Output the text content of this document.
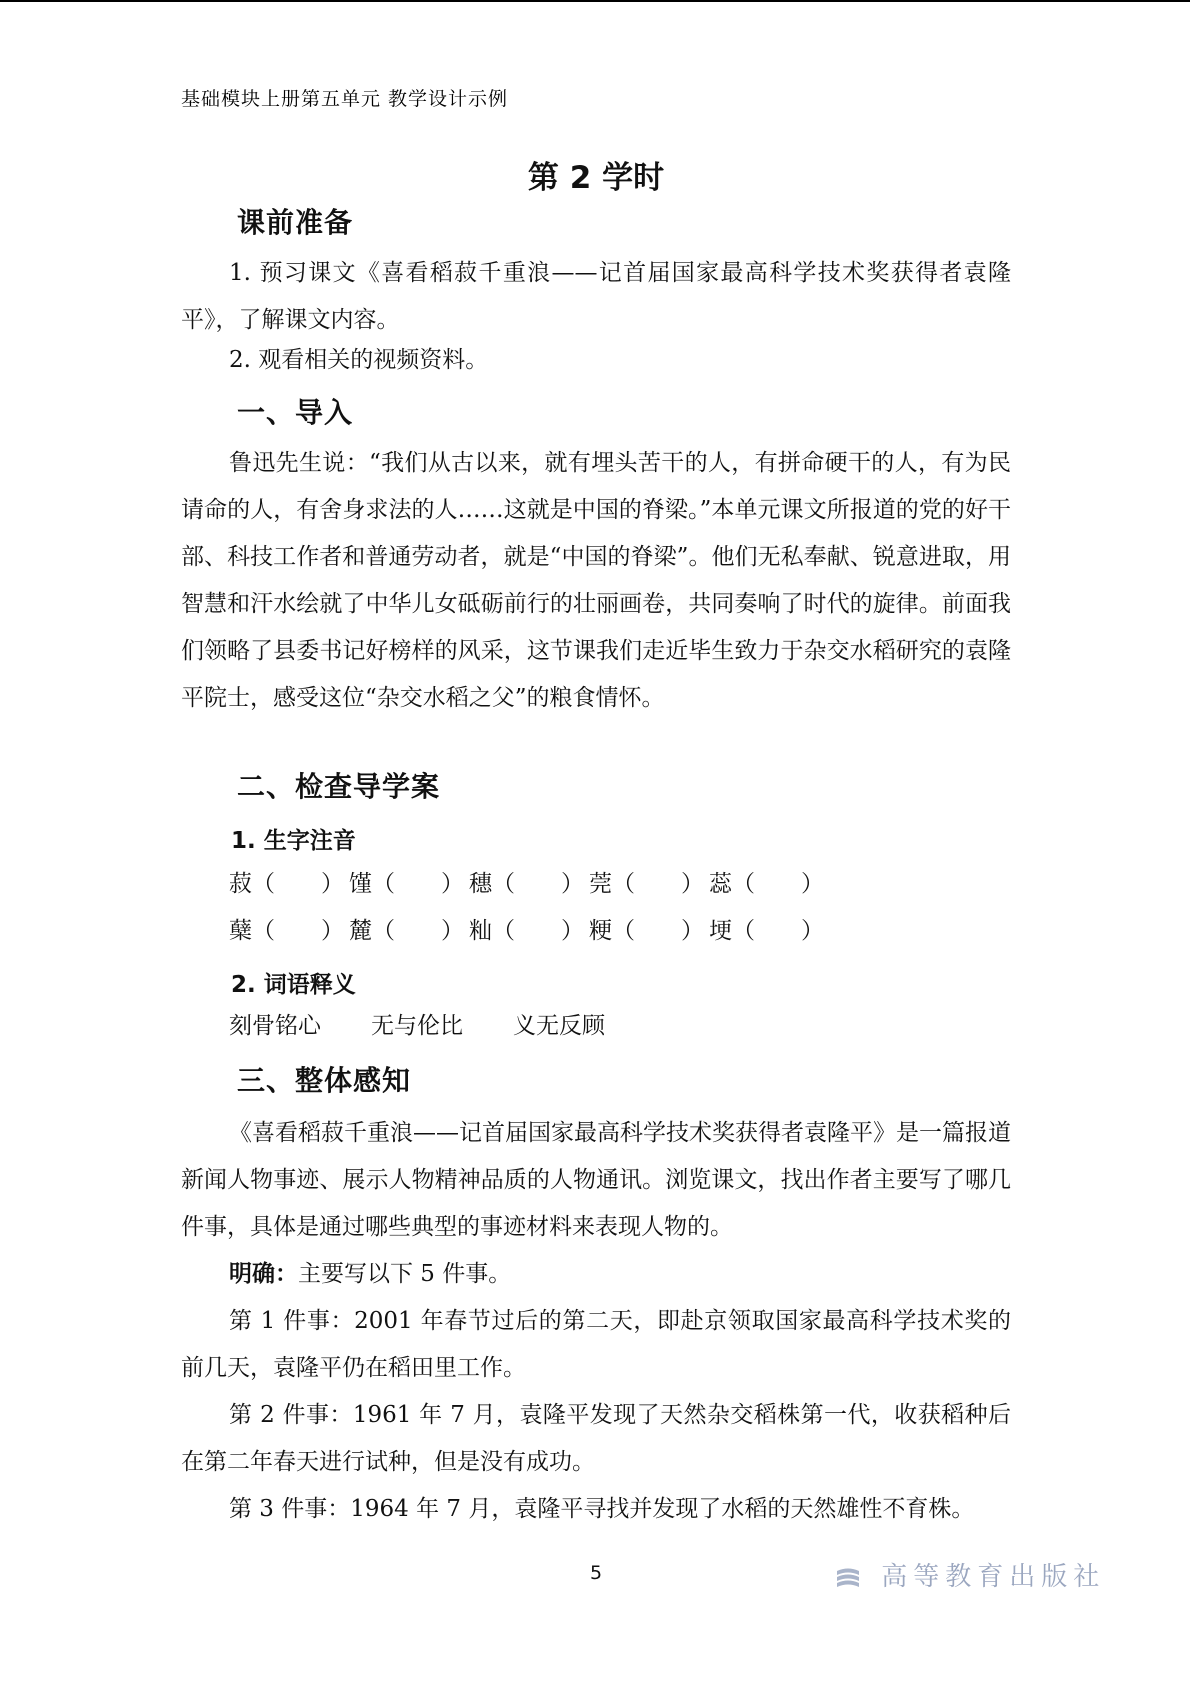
基础模块上册第五单元 教学设计示例
第 2 学时
课前准备

1. 预习课文《喜看稻菽千重浪——记首届国家最高科学技术奖获得者袁隆平》，了解课文内容。

2. 观看相关的视频资料。

一、导入

鲁迅先生说：“我们从古以来，就有埋头苦干的人，有拼命硬干的人，有为民请命的人，有舍身求法的人……这就是中国的脊梁。”本单元课文所报道的党的好干部、科技工作者和普通劳动者，就是“中国的脊梁”。他们无私奉献、锐意进取，用智慧和汗水绘就了中华儿女砥砺前行的壮丽画卷，共同奏响了时代的旋律。前面我们领略了县委书记好榜样的风采，这节课我们走近毕生致力于杂交水稻研究的袁隆平院士，感受这位“杂交水稻之父”的粮食情怀。

二、检查导学案
1. 生字注音
菽（　　） 馑（　　） 穗（　　） 莞（　　） 蕊（　　）
蘖（　　） 麓（　　） 籼（　　） 粳（　　） 埂（　　）
2. 词语释义
刻骨铭心 无与伦比 义无反顾
三、整体感知

《喜看稻菽千重浪——记首届国家最高科学技术奖获得者袁隆平》是一篇报道新闻人物事迹、展示人物精神品质的人物通讯。浏览课文，找出作者主要写了哪几件事，具体是通过哪些典型的事迹材料来表现人物的。

明确：主要写以下 5 件事。

第 1 件事：2001 年春节过后的第二天，即赴京领取国家最高科学技术奖的前几天，袁隆平仍在稻田里工作。

第 2 件事：1961 年 7 月，袁隆平发现了天然杂交稻株第一代，收获稻种后在第二年春天进行试种，但是没有成功。

第 3 件事：1964 年 7 月，袁隆平寻找并发现了水稻的天然雄性不育株。

5	高等教育出版社
